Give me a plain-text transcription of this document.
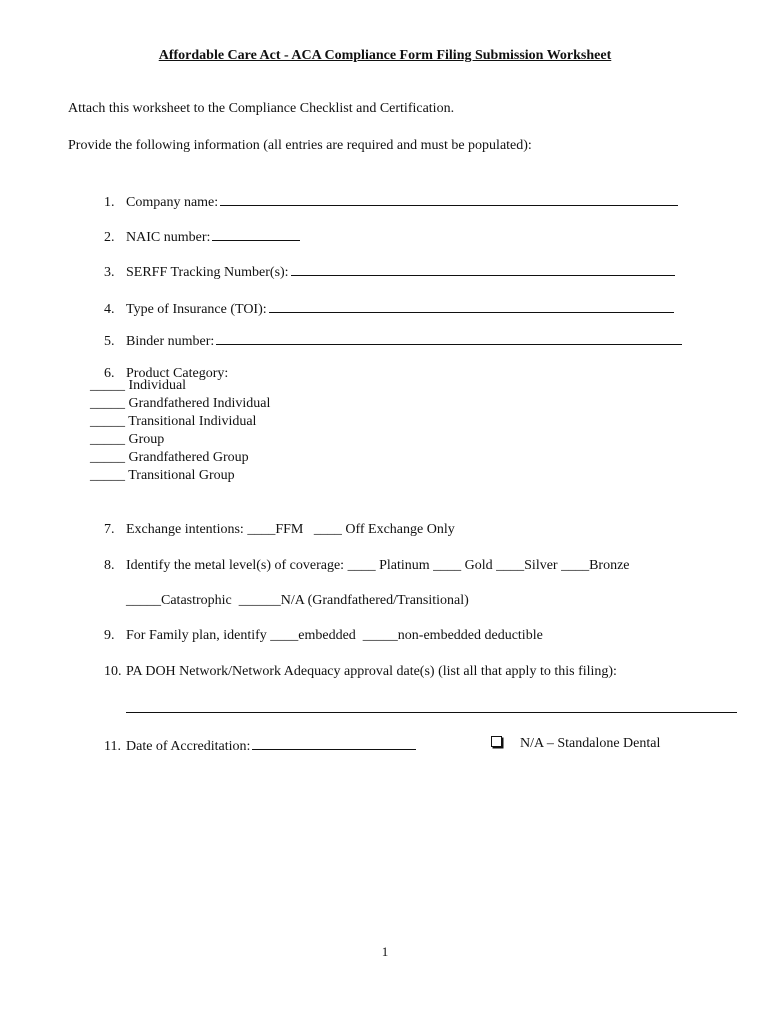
Affordable Care Act - ACA Compliance Form Filing Submission Worksheet
Attach this worksheet to the Compliance Checklist and Certification.
Provide the following information (all entries are required and must be populated):

1. Company name:

2. NAIC number:

3. SERFF Tracking Number(s):

4. Type of Insurance (TOI):

5. Binder number:

6. Product Category:

_____ Individual
_____ Grandfathered Individual
_____ Transitional Individual
_____ Group
_____ Grandfathered Group
_____ Transitional Group

7. Exchange intentions: ____FFM ____ Off Exchange Only

8. Identify the metal level(s) of coverage: ____ Platinum ____ Gold ____Silver ____Bronze

_____Catastrophic ______N/A (Grandfathered/Transitional)

9. For Family plan, identify ____embedded _____non-embedded deductible

10. PA DOH Network/Network Adequacy approval date(s) (list all that apply to this filing):

11. Date of Accreditation:
	N/A – Standalone Dental

1
